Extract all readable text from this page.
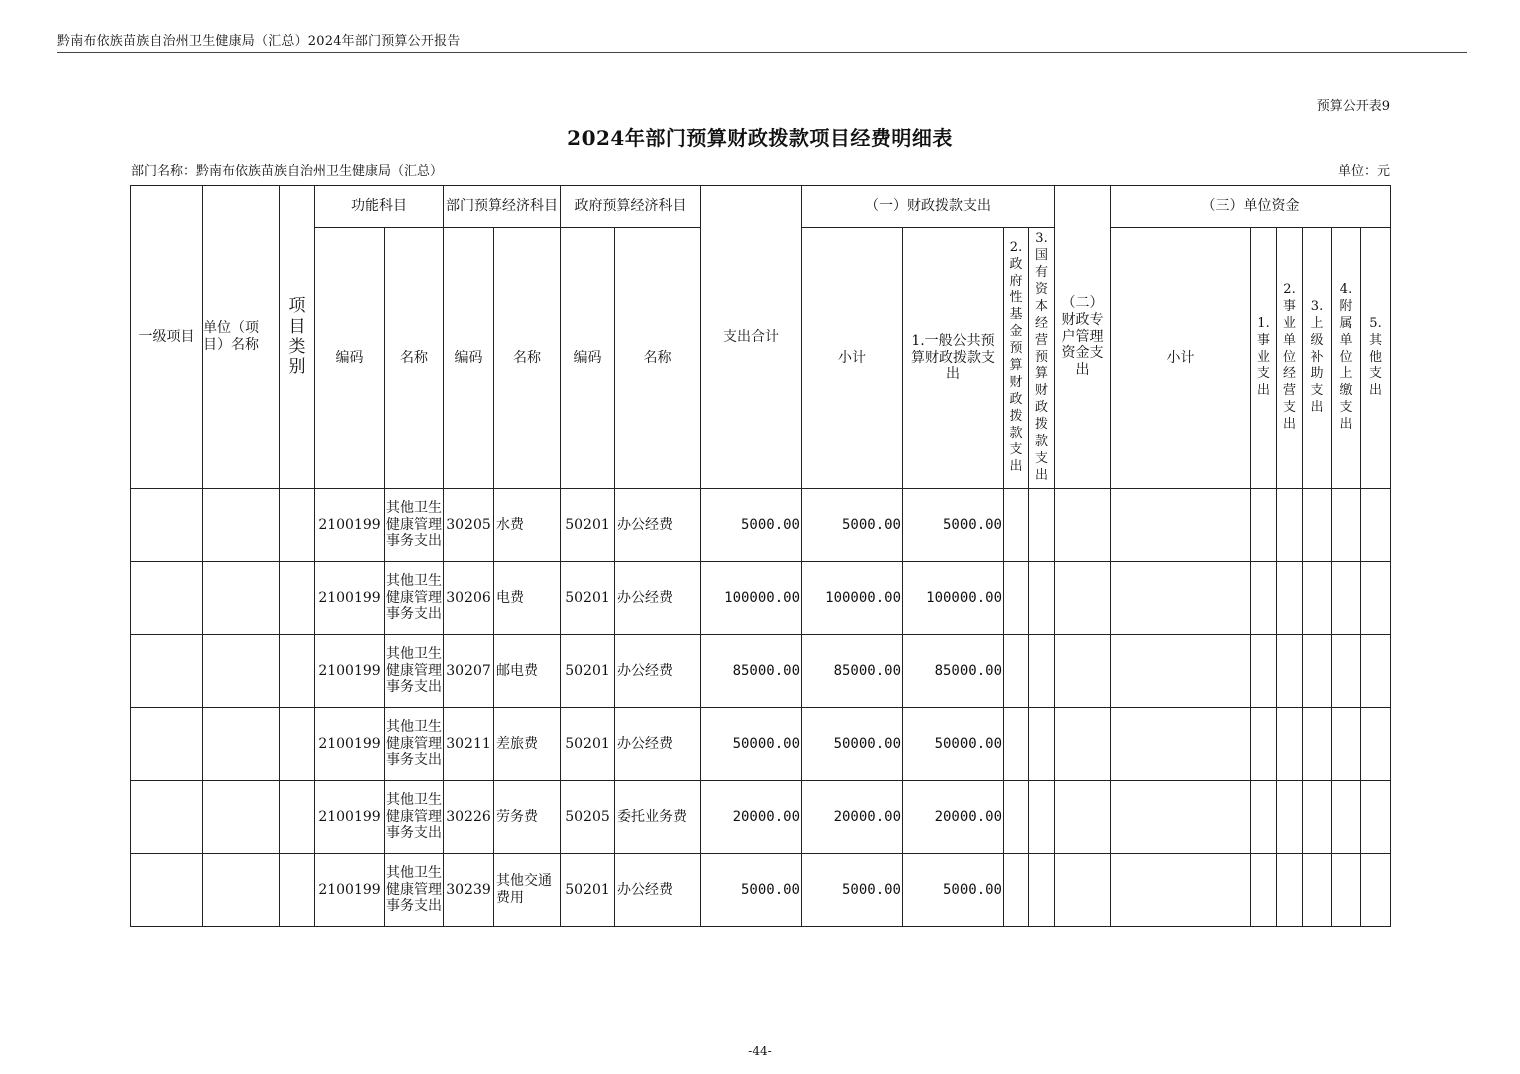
黔南布依族苗族自治州卫生健康局（汇总）2024年部门预算公开报告
预算公开表9
2024年部门预算财政拨款项目经费明细表
部门名称：黔南布依族苗族自治州卫生健康局（汇总）	单位：元
一级项目	单位（项目）名称	项目类别	功能科目		部门预算经济科目		政府预算经济科目		支出合计	（一）财政拨款支出				（二）财政专户管理资金支出	（三）单位资金					
			编码	名称	编码	名称	编码	名称		小计	1.一般公共预算财政拨款支出	2.政府性基金预算财政拨款支出	3.国有资本经营预算财政拨款支出		小计	1.事业支出	2.事业单位经营支出	3.上级补助支出	4.附属单位上缴支出	5.其他支出

			2100199	其他卫生健康管理事务支出	30205	水费	50201	办公经费	5000.00	5000.00	5000.00									
			2100199	其他卫生健康管理事务支出	30206	电费	50201	办公经费	100000.00	100000.00	100000.00									
			2100199	其他卫生健康管理事务支出	30207	邮电费	50201	办公经费	85000.00	85000.00	85000.00									
			2100199	其他卫生健康管理事务支出	30211	差旅费	50201	办公经费	50000.00	50000.00	50000.00									
			2100199	其他卫生健康管理事务支出	30226	劳务费	50205	委托业务费	20000.00	20000.00	20000.00									
			2100199	其他卫生健康管理事务支出	30239	其他交通费用	50201	办公经费	5000.00	5000.00	5000.00									
-44-
